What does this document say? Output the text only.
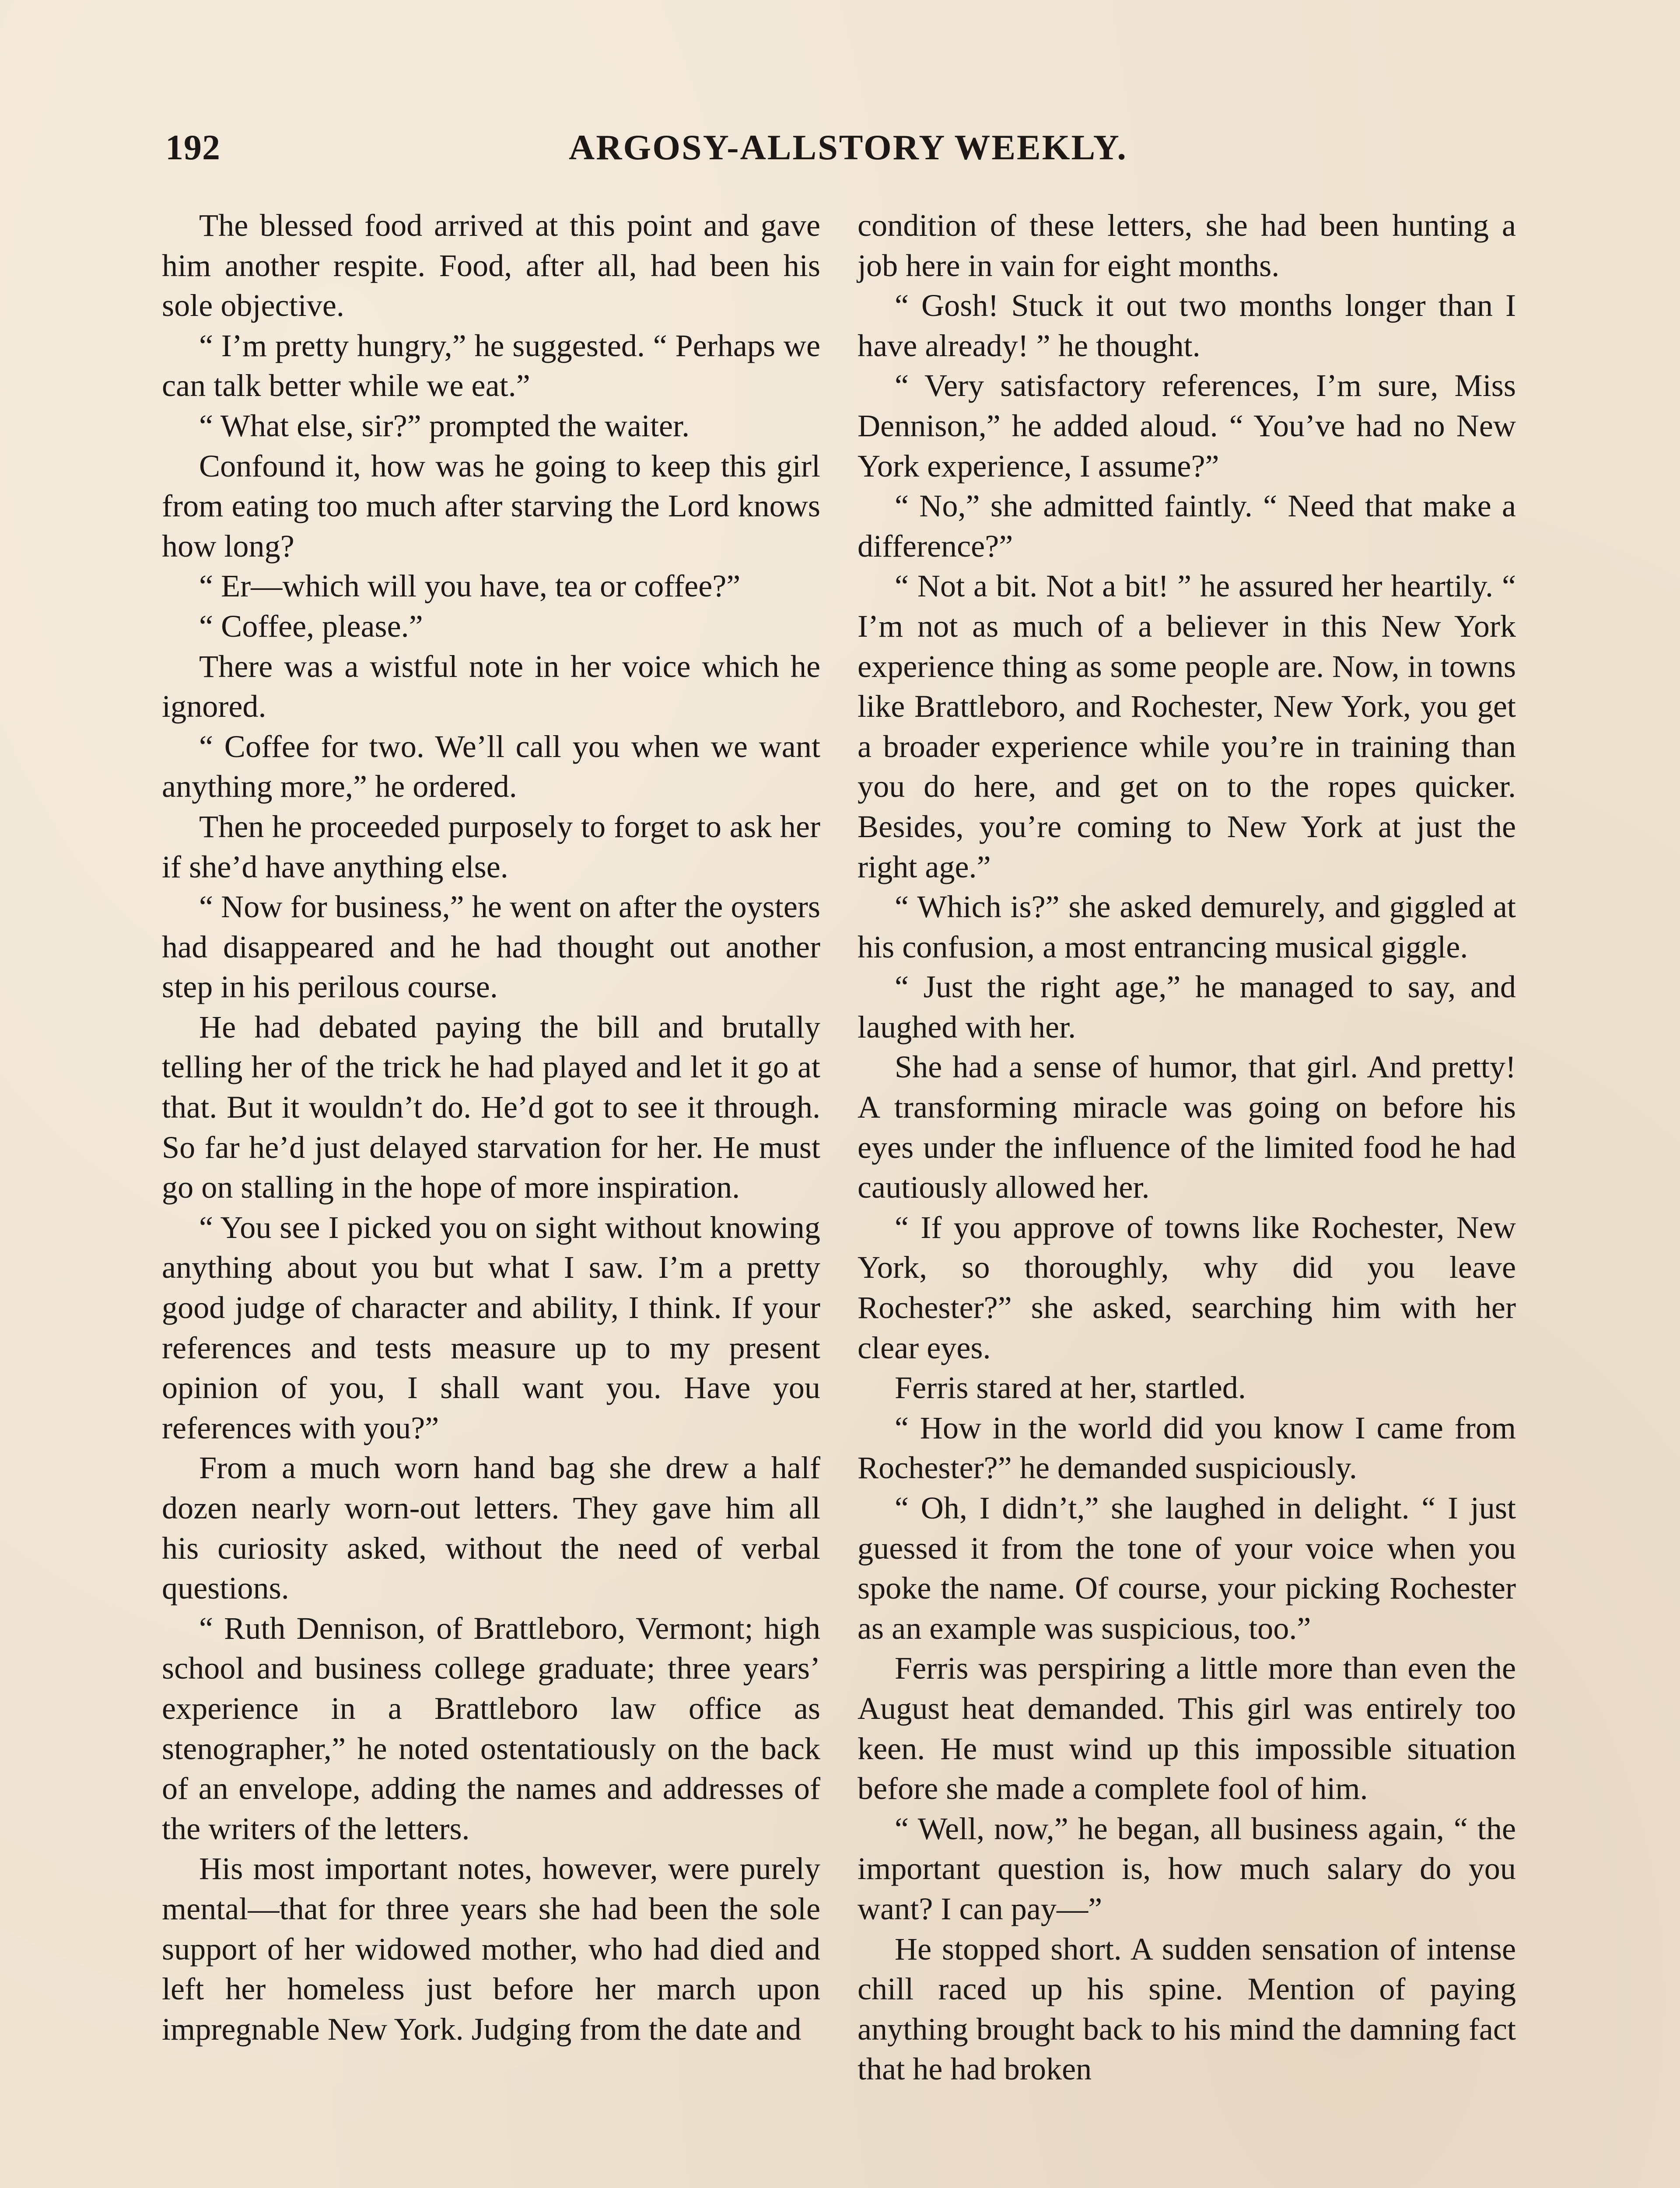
192	ARGOSY-ALLSTORY WEEKLY.

The blessed food arrived at this point and gave him another respite. Food, after all, had been his sole objective.

“ I’m pretty hungry,” he suggested. “ Perhaps we can talk better while we eat.”

“ What else, sir?” prompted the waiter.

Confound it, how was he going to keep this girl from eating too much after starving the Lord knows how long?

“ Er—which will you have, tea or coffee?”

“ Coffee, please.”

There was a wistful note in her voice which he ignored.

“ Coffee for two. We’ll call you when we want anything more,” he ordered.

Then he proceeded purposely to forget to ask her if she’d have anything else.

“ Now for business,” he went on after the oysters had disappeared and he had thought out another step in his perilous course.

He had debated paying the bill and brutally telling her of the trick he had played and let it go at that. But it wouldn’t do. He’d got to see it through. So far he’d just delayed starvation for her. He must go on stalling in the hope of more inspiration.

“ You see I picked you on sight without knowing anything about you but what I saw. I’m a pretty good judge of character and ability, I think. If your references and tests measure up to my present opinion of you, I shall want you. Have you references with you?”

From a much worn hand bag she drew a half dozen nearly worn-out letters. They gave him all his curiosity asked, without the need of verbal questions.

“ Ruth Dennison, of Brattleboro, Vermont; high school and business college graduate; three years’ experience in a Brattleboro law office as stenographer,” he noted ostentatiously on the back of an envelope, adding the names and addresses of the writers of the letters.

His most important notes, however, were purely mental—that for three years she had been the sole support of her widowed mother, who had died and left her homeless just before her march upon impregnable New York. Judging from the date and

condition of these letters, she had been hunting a job here in vain for eight months.

“ Gosh! Stuck it out two months longer than I have already! ” he thought.

“ Very satisfactory references, I’m sure, Miss Dennison,” he added aloud. “ You’ve had no New York experience, I assume?”

“ No,” she admitted faintly. “ Need that make a difference?”

“ Not a bit. Not a bit! ” he assured her heartily. “ I’m not as much of a believer in this New York experience thing as some people are. Now, in towns like Brattleboro, and Rochester, New York, you get a broader experience while you’re in training than you do here, and get on to the ropes quicker. Besides, you’re coming to New York at just the right age.”

“ Which is?” she asked demurely, and giggled at his confusion, a most entrancing musical giggle.

“ Just the right age,” he managed to say, and laughed with her.

She had a sense of humor, that girl. And pretty! A transforming miracle was going on before his eyes under the influence of the limited food he had cautiously allowed her.

“ If you approve of towns like Rochester, New York, so thoroughly, why did you leave Rochester?” she asked, searching him with her clear eyes.

Ferris stared at her, startled.

“ How in the world did you know I came from Rochester?” he demanded suspiciously.

“ Oh, I didn’t,” she laughed in delight. “ I just guessed it from the tone of your voice when you spoke the name. Of course, your picking Rochester as an example was suspicious, too.”

Ferris was perspiring a little more than even the August heat demanded. This girl was entirely too keen. He must wind up this impossible situation before she made a complete fool of him.

“ Well, now,” he began, all business again, “ the important question is, how much salary do you want? I can pay—”

He stopped short. A sudden sensation of intense chill raced up his spine. Mention of paying anything brought back to his mind the damning fact that he had broken
